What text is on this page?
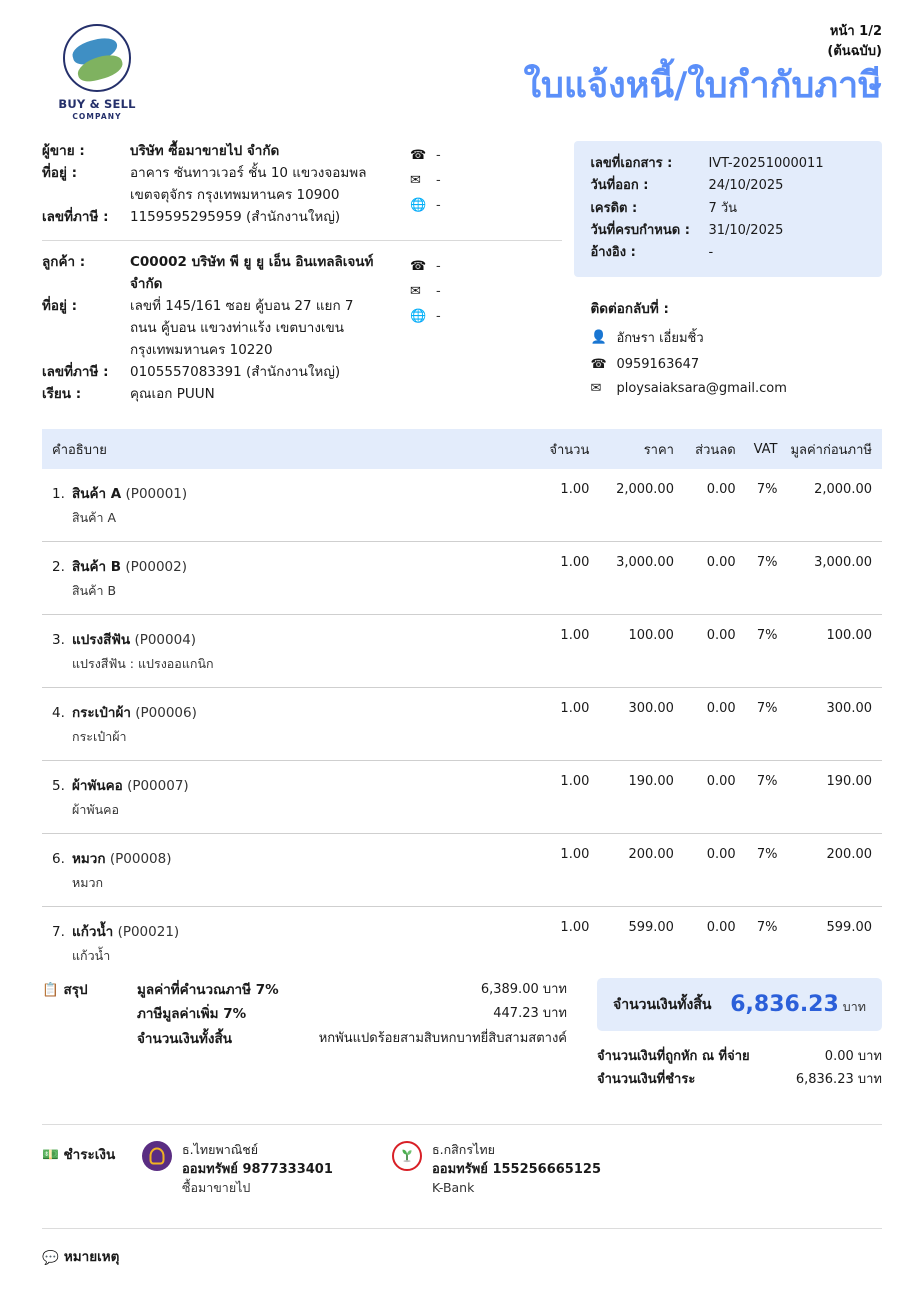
BUY & SELL
COMPANY
หน้า 1/2
(ต้นฉบับ)
ใบแจ้งหนี้/ใบกำกับภาษี
ผู้ขาย :	บริษัท ซื้อมาขายไป จำกัด
ที่อยู่ :	อาคาร ซันทาวเวอร์ ชั้น 10 แขวงจอมพล
เขตจตุจักร กรุงเทพมหานคร 10900
เลขที่ภาษี :	1159595295959 (สำนักงานใหญ่)
☎ -
✉	-
🌐 -
ลูกค้า :	C00002 บริษัท พี ยู ยู เอ็น อินเทลลิเจนท์
จำกัด
ที่อยู่ :	เลขที่ 145/161 ซอย คู้บอน 27 แยก 7
ถนน คู้บอน แขวงท่าแร้ง เขตบางเขน
กรุงเทพมหานคร 10220
เลขที่ภาษี :	0105557083391 (สำนักงานใหญ่)
เรียน :	คุณเอก PUUN
☎ -
✉	-
🌐 -
เลขที่เอกสาร :	IVT-20251000011
วันที่ออก :	24/10/2025
เครดิต :	7 วัน
วันที่ครบกำหนด :	31/10/2025
อ้างอิง :	-
ติดต่อกลับที่ :
👤 อักษรา เอี่ยมชิ้ว
☎ 0959163647
✉	ploysaiaksara@gmail.com
คำอธิบาย	จำนวน	ราคา	ส่วนลด	VAT มูลค่าก่อนภาษี
1. สินค้า A (P00001)
สินค้า A
1.00	2,000.00	0.00	7%	2,000.00
2. สินค้า B (P00002)
สินค้า B
1.00	3,000.00	0.00	7%	3,000.00
3. แปรงสีฟัน (P00004)
แปรงสีฟัน : แปรงออแกนิก
1.00	100.00	0.00	7%	100.00
4. กระเป๋าผ้า (P00006)
กระเป๋าผ้า
1.00	300.00	0.00	7%	300.00
5. ผ้าพันคอ (P00007)
ผ้าพันคอ
1.00	190.00	0.00	7%	190.00
6. หมวก (P00008)
หมวก
1.00	200.00	0.00	7%	200.00
7. แก้วน้ำ (P00021)
แก้วน้ำ
1.00	599.00	0.00	7%	599.00
📋 สรุป	มูลค่าที่คำนวณภาษี 7%	6,389.00 บาท
ภาษีมูลค่าเพิ่ม 7%	447.23 บาท
จำนวนเงินทั้งสิ้น	หกพันแปดร้อยสามสิบหกบาทยี่สิบสามสตางค์
จำนวนเงินทั้งสิ้น 6,836.23 บาท
จำนวนเงินที่ถูกหัก ณ ที่จ่าย	0.00 บาท
จำนวนเงินที่ชำระ	6,836.23 บาท
💵 ชำระเงิน	ธ.ไทยพาณิชย์
ออมทรัพย์ 9877333401
ซื้อมาขายไป
ธ.กสิกรไทย
ออมทรัพย์ 155256665125
K-Bank
💬 หมายเหตุ
